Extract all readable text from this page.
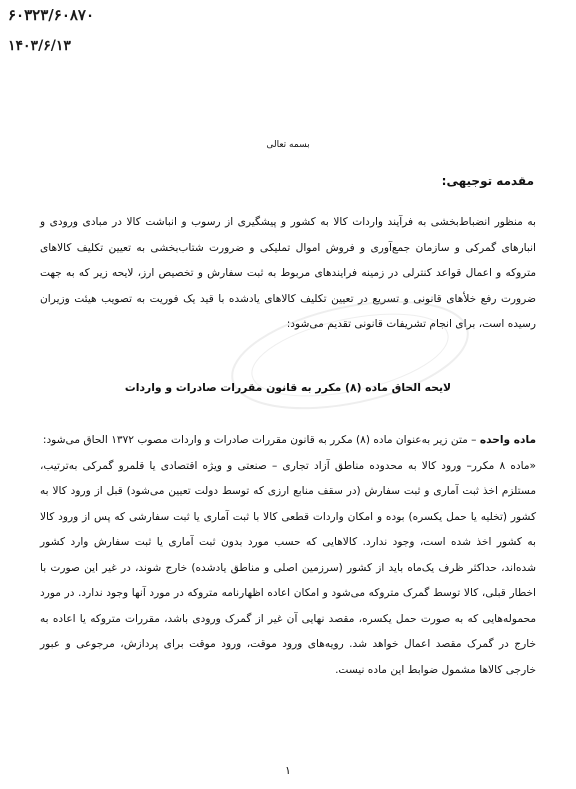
۶۰۳۲۳/۶۰۸۷۰
۱۴۰۳/۶/۱۳
بسمه تعالی
مقدمه توجیهی:
به منظور انضباط‌بخشی به فرآیند واردات کالا به کشور و پیشگیری از رسوب و انباشت کالا در مبادی ورودی و انبارهای گمرکی و سازمان جمع‌آوری و فروش اموال تملیکی و ضرورت شتاب‌بخشی به تعیین تکلیف کالاهای متروکه و اعمال قواعد کنترلی در زمینه فرایندهای مربوط به ثبت سفارش و تخصیص ارز، لایحه زیر که به جهت ضرورت رفع خلأهای قانونی و تسریع در تعیین تکلیف کالاهای یادشده با قید یک فوریت به تصویب هیئت وزیران رسیده است، برای انجام تشریفات قانونی تقدیم می‌شود:
لایحه الحاق ماده (۸) مکرر به قانون مقررات صادرات و واردات
ماده واحده – متن زیر به‌عنوان ماده (۸) مکرر به قانون مقررات صادرات و واردات مصوب ۱۳۷۲ الحاق می‌شود:
«ماده ۸ مکرر– ورود کالا به محدوده مناطق آزاد تجاری – صنعتی و ویژه اقتصادی یا قلمرو گمرکی به‌ترتیب، مستلزم اخذ ثبت آماری و ثبت سفارش (در سقف منابع ارزی که توسط دولت تعیین می‌شود) قبل از ورود کالا به کشور (تخلیه یا حمل یکسره) بوده و امکان واردات قطعی کالا با ثبت آماری یا ثبت سفارشی که پس از ورود کالا به کشور اخذ شده است، وجود ندارد. کالاهایی که حسب مورد بدون ثبت آماری یا ثبت سفارش وارد کشور شده‌اند، حداکثر ظرف یک‌ماه باید از کشور (سرزمین اصلی و مناطق یادشده) خارج شوند، در غیر این صورت با اخطار قبلی، کالا توسط گمرک متروکه می‌شود و امکان اعاده اظهارنامه متروکه در مورد آنها وجود ندارد. در مورد محموله‌هایی که به صورت حمل یکسره، مقصد نهایی آن غیر از گمرک ورودی باشد، مقررات متروکه یا اعاده به خارج در گمرک مقصد اعمال خواهد شد. رویه‌های ورود موقت، ورود موقت برای پردازش، مرجوعی و عبور خارجی کالاها مشمول ضوابط این ماده نیست.
۱
